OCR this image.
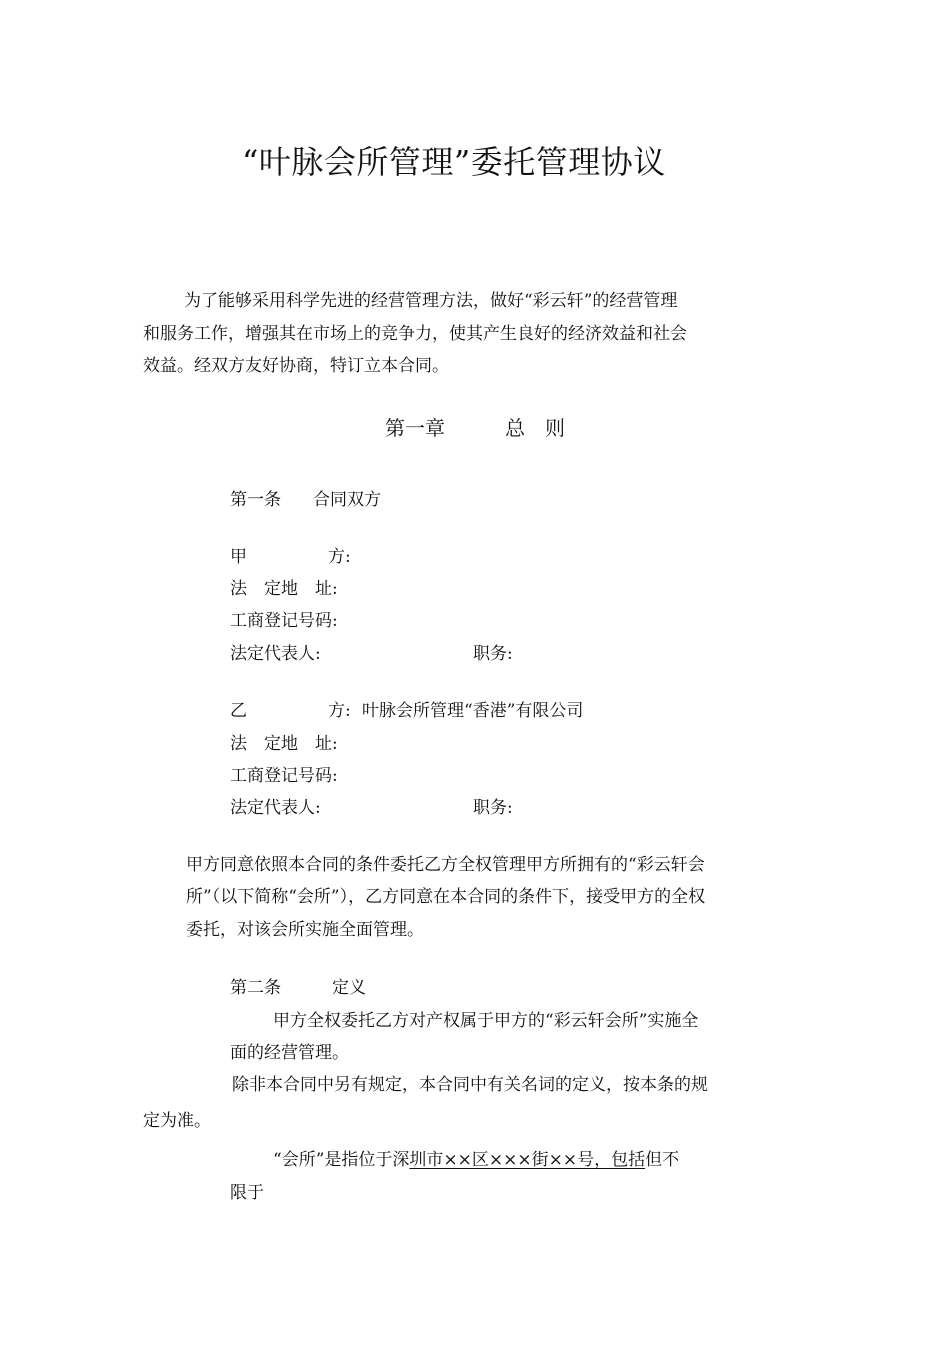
“叶脉会所管理”委托管理协议
为了能够采用科学先进的经营管理方法，做好“彩云轩”的经营管理
和服务工作，增强其在市场上的竞争力，使其产生良好的经济效益和社会
效益。经双方友好协商，特订立本合同。
第一章	总　则
第一条 合同双方
甲	方:
法　定地　址:
工商登记号码:
法定代表人:	职务:
乙	方: 叶脉会所管理“香港”有限公司
法　定地　址:
工商登记号码:
法定代表人:	职务:
甲方同意依照本合同的条件委托乙方全权管理甲方所拥有的“彩云轩会
所”（以下简称“会所”），乙方同意在本合同的条件下，接受甲方的全权
委托，对该会所实施全面管理。
第二条	定义
甲方全权委托乙方对产权属于甲方的“彩云轩会所”实施全
面的经营管理。
除非本合同中另有规定，本合同中有关名词的定义，按本条的规
定为准。
“会所”是指位于深圳市××区×××街××号，包括但不
限于
